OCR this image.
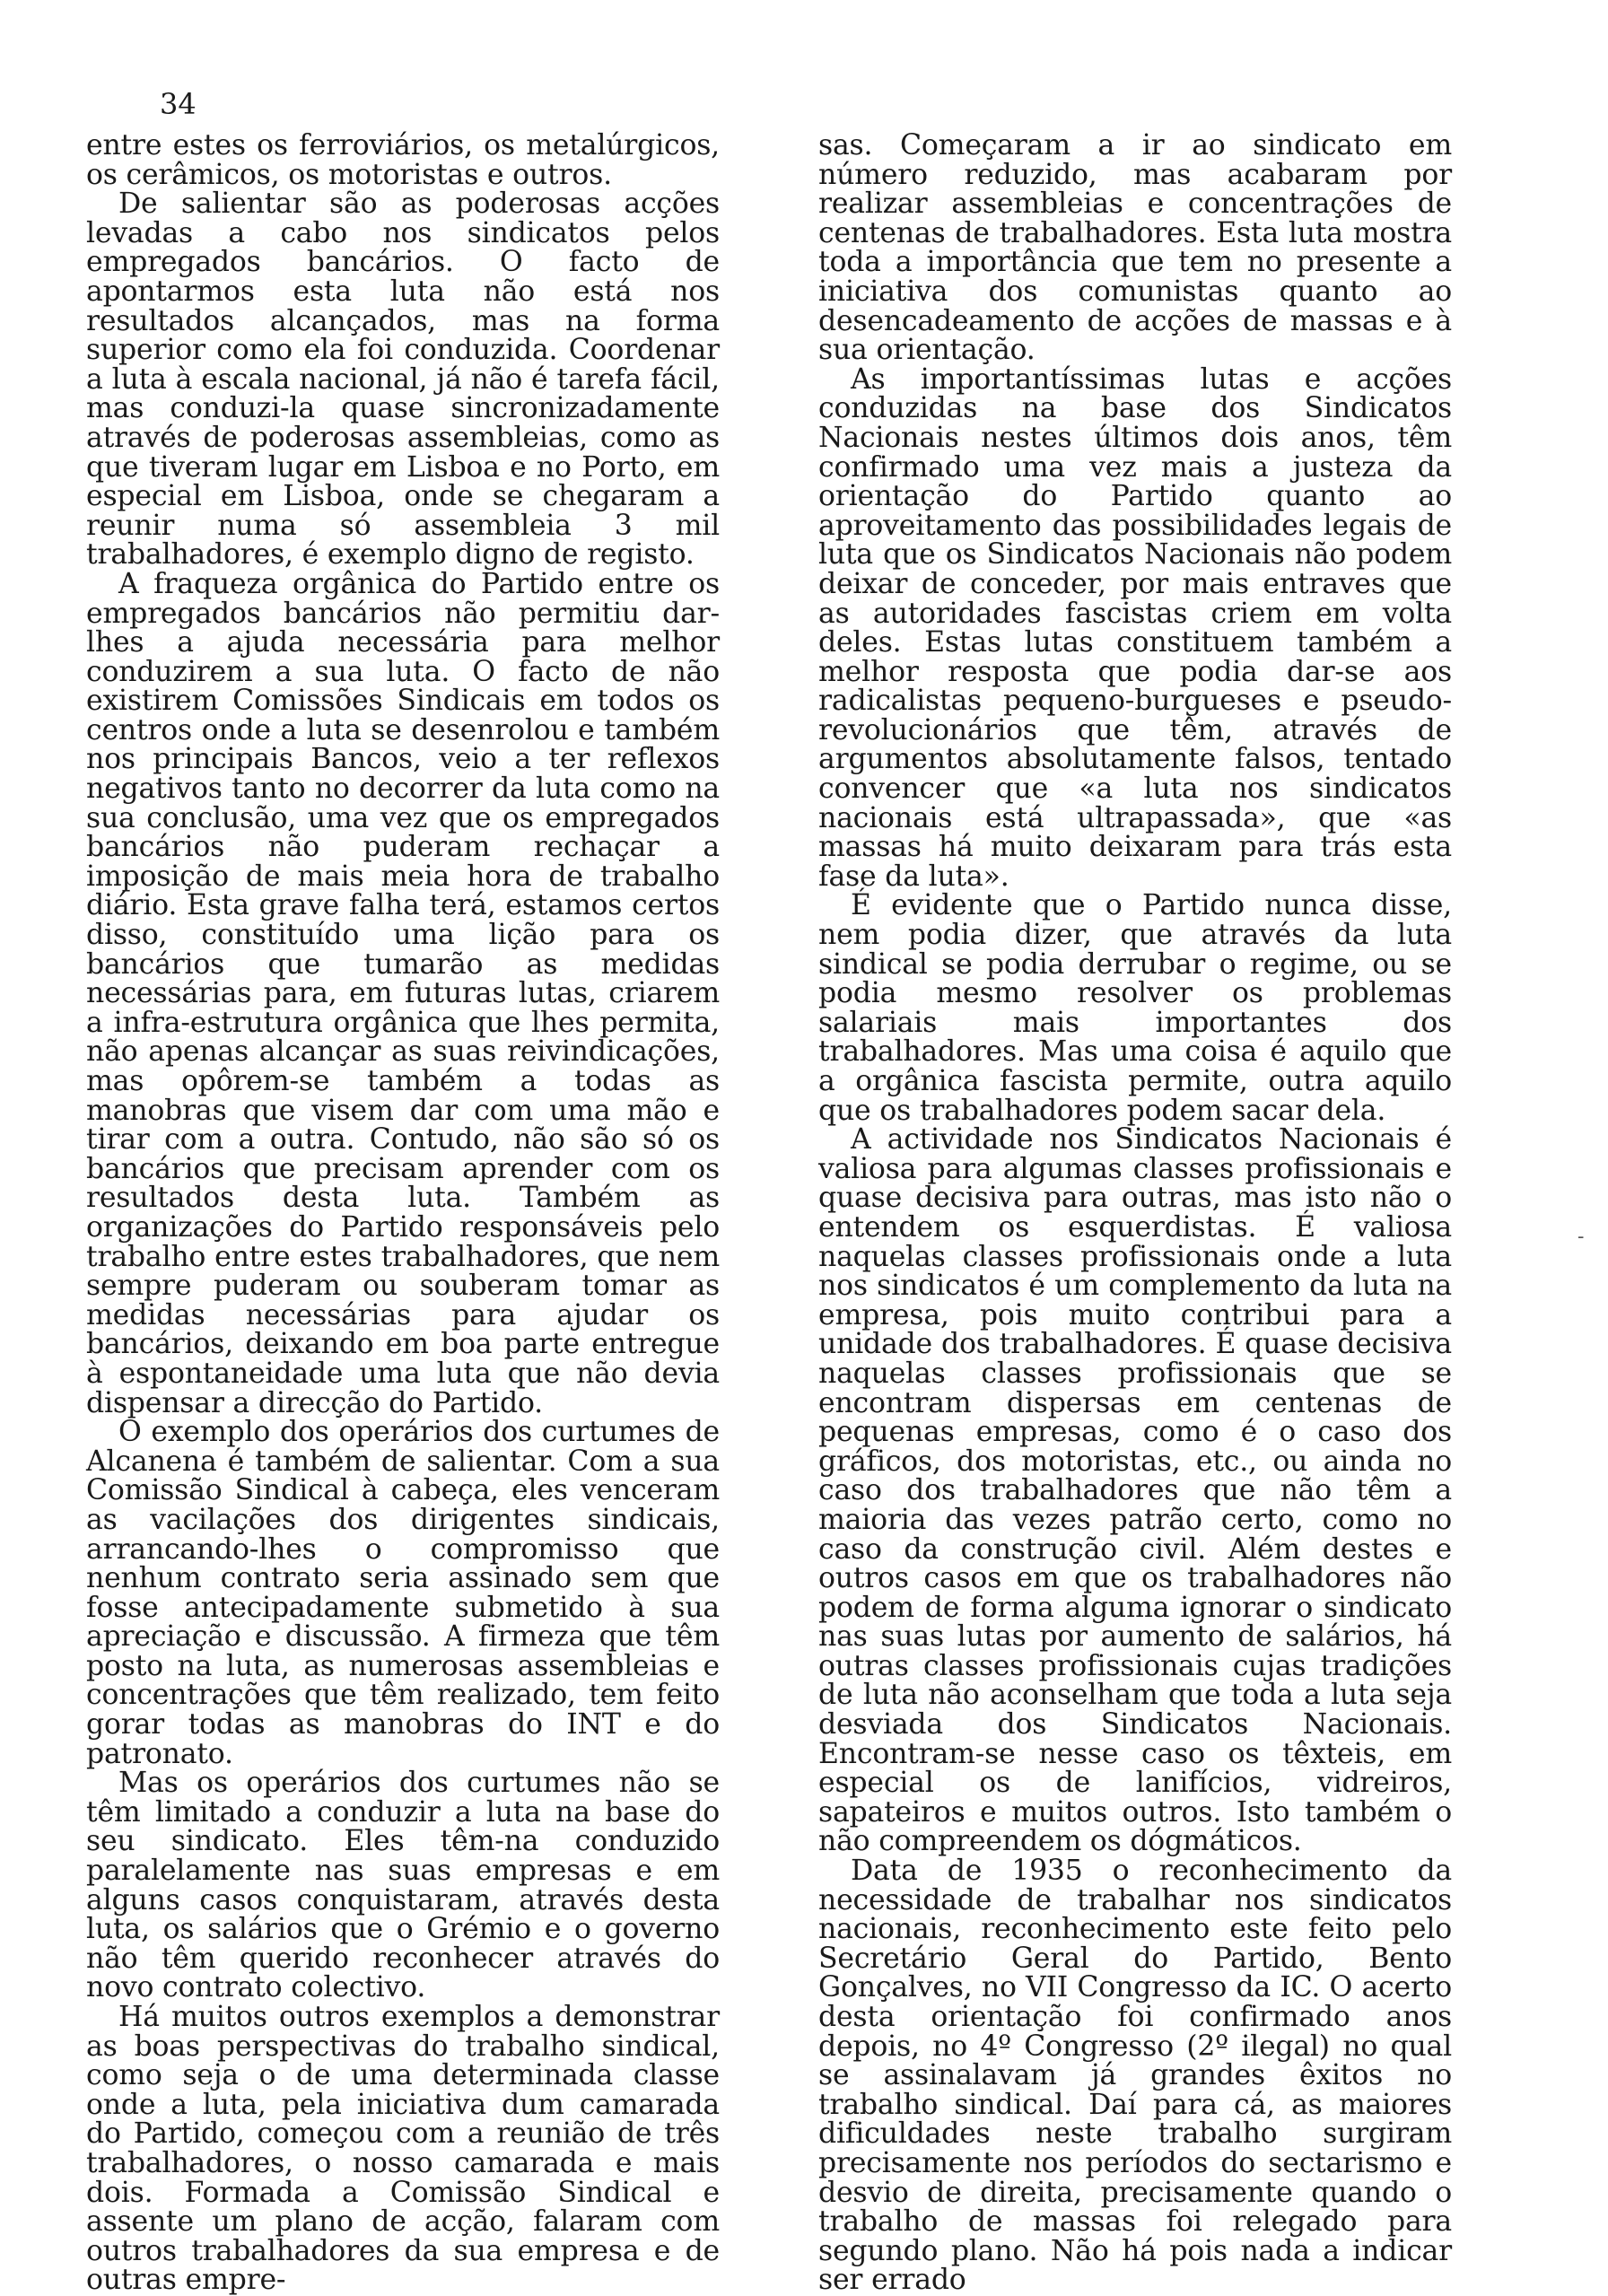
34

entre estes os ferroviários, os metalúrgicos, os cerâmicos, os motoristas e outros.

De salientar são as poderosas acções levadas a cabo nos sindicatos pelos empregados bancários. O facto de apontarmos esta luta não está nos resultados alcançados, mas na forma superior como ela foi conduzida. Coordenar a luta à escala nacional, já não é tarefa fácil, mas conduzi-la quase sincronizadamente através de poderosas assembleias, como as que tiveram lugar em Lisboa e no Porto, em especial em Lisboa, onde se chegaram a reunir numa só assembleia 3 mil trabalhadores, é exemplo digno de registo.

A fraqueza orgânica do Partido entre os empregados bancários não permitiu dar-lhes a ajuda necessária para melhor conduzirem a sua luta. O facto de não existirem Comissões Sindicais em todos os centros onde a luta se desenrolou e também nos principais Bancos, veio a ter reflexos negativos tanto no decorrer da luta como na sua conclusão, uma vez que os empregados bancários não puderam rechaçar a imposição de mais meia hora de trabalho diário. Esta grave falha terá, estamos certos disso, constituído uma lição para os bancários que tumarão as medidas necessárias para, em futuras lutas, criarem a infra-estrutura orgânica que lhes permita, não apenas alcançar as suas reivindicações, mas opôrem-se também a todas as manobras que visem dar com uma mão e tirar com a outra. Contudo, não são só os bancários que precisam aprender com os resultados desta luta. Também as organizações do Partido responsáveis pelo trabalho entre estes trabalhadores, que nem sempre puderam ou souberam tomar as medidas necessárias para ajudar os bancários, deixando em boa parte entregue à espontaneidade uma luta que não devia dispensar a direcção do Partido.

O exemplo dos operários dos curtumes de Alcanena é também de salientar. Com a sua Comissão Sindical à cabeça, eles venceram as vacilações dos dirigentes sindicais, arrancando-lhes o compromisso que nenhum contrato seria assinado sem que fosse antecipadamente submetido à sua apreciação e discussão. A firmeza que têm posto na luta, as numerosas assembleias e concentrações que têm realizado, tem feito gorar todas as manobras do INT e do patronato.

Mas os operários dos curtumes não se têm limitado a conduzir a luta na base do seu sindicato. Eles têm-na conduzido paralelamente nas suas empresas e em alguns casos conquistaram, através desta luta, os salários que o Grémio e o governo não têm querido reconhecer através do novo contrato colectivo.

Há muitos outros exemplos a demonstrar as boas perspectivas do trabalho sindical, como seja o de uma determinada classe onde a luta, pela iniciativa dum camarada do Partido, começou com a reunião de três trabalhadores, o nosso camarada e mais dois. Formada a Comissão Sindical e assente um plano de acção, falaram com outros trabalhadores da sua empresa e de outras empre-

sas. Começaram a ir ao sindicato em número reduzido, mas acabaram por realizar assembleias e concentrações de centenas de trabalhadores. Esta luta mostra toda a importância que tem no presente a iniciativa dos comunistas quanto ao desencadeamento de acções de massas e à sua orientação.

As importantíssimas lutas e acções conduzidas na base dos Sindicatos Nacionais nestes últimos dois anos, têm confirmado uma vez mais a justeza da orientação do Partido quanto ao aproveitamento das possibilidades legais de luta que os Sindicatos Nacionais não podem deixar de conceder, por mais entraves que as autoridades fascistas criem em volta deles. Estas lutas constituem também a melhor resposta que podia dar-se aos radicalistas pequeno-burgueses e pseudo-revolucionários que têm, através de argumentos absolutamente falsos, tentado convencer que «a luta nos sindicatos nacionais está ultrapassada», que «as massas há muito deixaram para trás esta fase da luta».

É evidente que o Partido nunca disse, nem podia dizer, que através da luta sindical se podia derrubar o regime, ou se podia mesmo resolver os problemas salariais mais importantes dos trabalhadores. Mas uma coisa é aquilo que a orgânica fascista permite, outra aquilo que os trabalhadores podem sacar dela.

A actividade nos Sindicatos Nacionais é valiosa para algumas classes profissionais e quase decisiva para outras, mas isto não o entendem os esquerdistas. É valiosa naquelas classes profissionais onde a luta nos sindicatos é um complemento da luta na empresa, pois muito contribui para a unidade dos trabalhadores. É quase decisiva naquelas classes profissionais que se encontram dispersas em centenas de pequenas empresas, como é o caso dos gráficos, dos motoristas, etc., ou ainda no caso dos trabalhadores que não têm a maioria das vezes patrão certo, como no caso da construção civil. Além destes e outros casos em que os trabalhadores não podem de forma alguma ignorar o sindicato nas suas lutas por aumento de salários, há outras classes profissionais cujas tradições de luta não aconselham que toda a luta seja desviada dos Sindicatos Nacionais. Encontram-se nesse caso os têxteis, em especial os de lanifícios, vidreiros, sapateiros e muitos outros. Isto também o não compreendem os dógmáticos.

Data de 1935 o reconhecimento da necessidade de trabalhar nos sindicatos nacionais, reconhecimento este feito pelo Secretário Geral do Partido, Bento Gonçalves, no VII Congresso da IC. O acerto desta orientação foi confirmado anos depois, no 4º Congresso (2º ilegal) no qual se assinalavam já grandes êxitos no trabalho sindical. Daí para cá, as maiores dificuldades neste trabalho surgiram precisamente nos períodos do sectarismo e desvio de direita, precisamente quando o trabalho de massas foi relegado para segundo plano. Não há pois nada a indicar ser errado

-
